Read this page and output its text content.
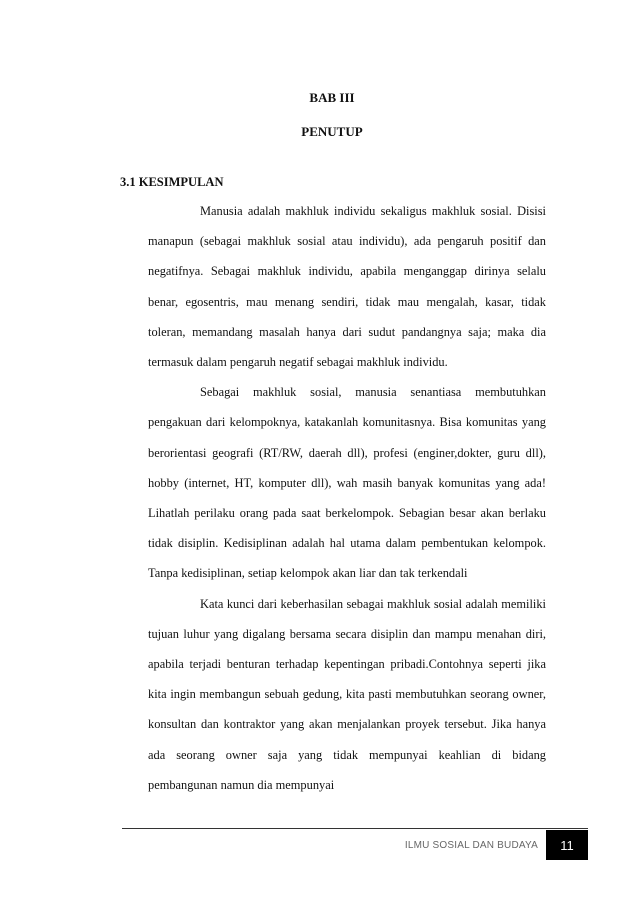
BAB III
PENUTUP
3.1 KESIMPULAN

Manusia adalah makhluk individu sekaligus makhluk sosial. Disisi manapun (sebagai makhluk sosial atau individu), ada pengaruh positif dan negatifnya. Sebagai makhluk individu, apabila menganggap dirinya selalu benar, egosentris, mau menang sendiri, tidak mau mengalah, kasar, tidak toleran, memandang masalah hanya dari sudut pandangnya saja; maka dia termasuk dalam pengaruh negatif sebagai makhluk individu.

Sebagai makhluk sosial, manusia senantiasa membutuhkan pengakuan dari kelompoknya, katakanlah komunitasnya. Bisa komunitas yang berorientasi geografi (RT/RW, daerah dll), profesi (enginer,dokter, guru dll), hobby (internet, HT, komputer dll), wah masih banyak komunitas yang ada! Lihatlah perilaku orang pada saat berkelompok. Sebagian besar akan berlaku tidak disiplin. Kedisiplinan adalah hal utama dalam pembentukan kelompok. Tanpa kedisiplinan, setiap kelompok akan liar dan tak terkendali

Kata kunci dari keberhasilan sebagai makhluk sosial adalah memiliki tujuan luhur yang digalang bersama secara disiplin dan mampu menahan diri, apabila terjadi benturan terhadap kepentingan pribadi.Contohnya seperti jika kita ingin membangun sebuah gedung, kita pasti membutuhkan seorang owner, konsultan dan kontraktor yang akan menjalankan proyek tersebut. Jika hanya ada seorang owner saja yang tidak mempunyai keahlian di bidang pembangunan namun dia mempunyai

ILMU SOSIAL DAN BUDAYA	11
